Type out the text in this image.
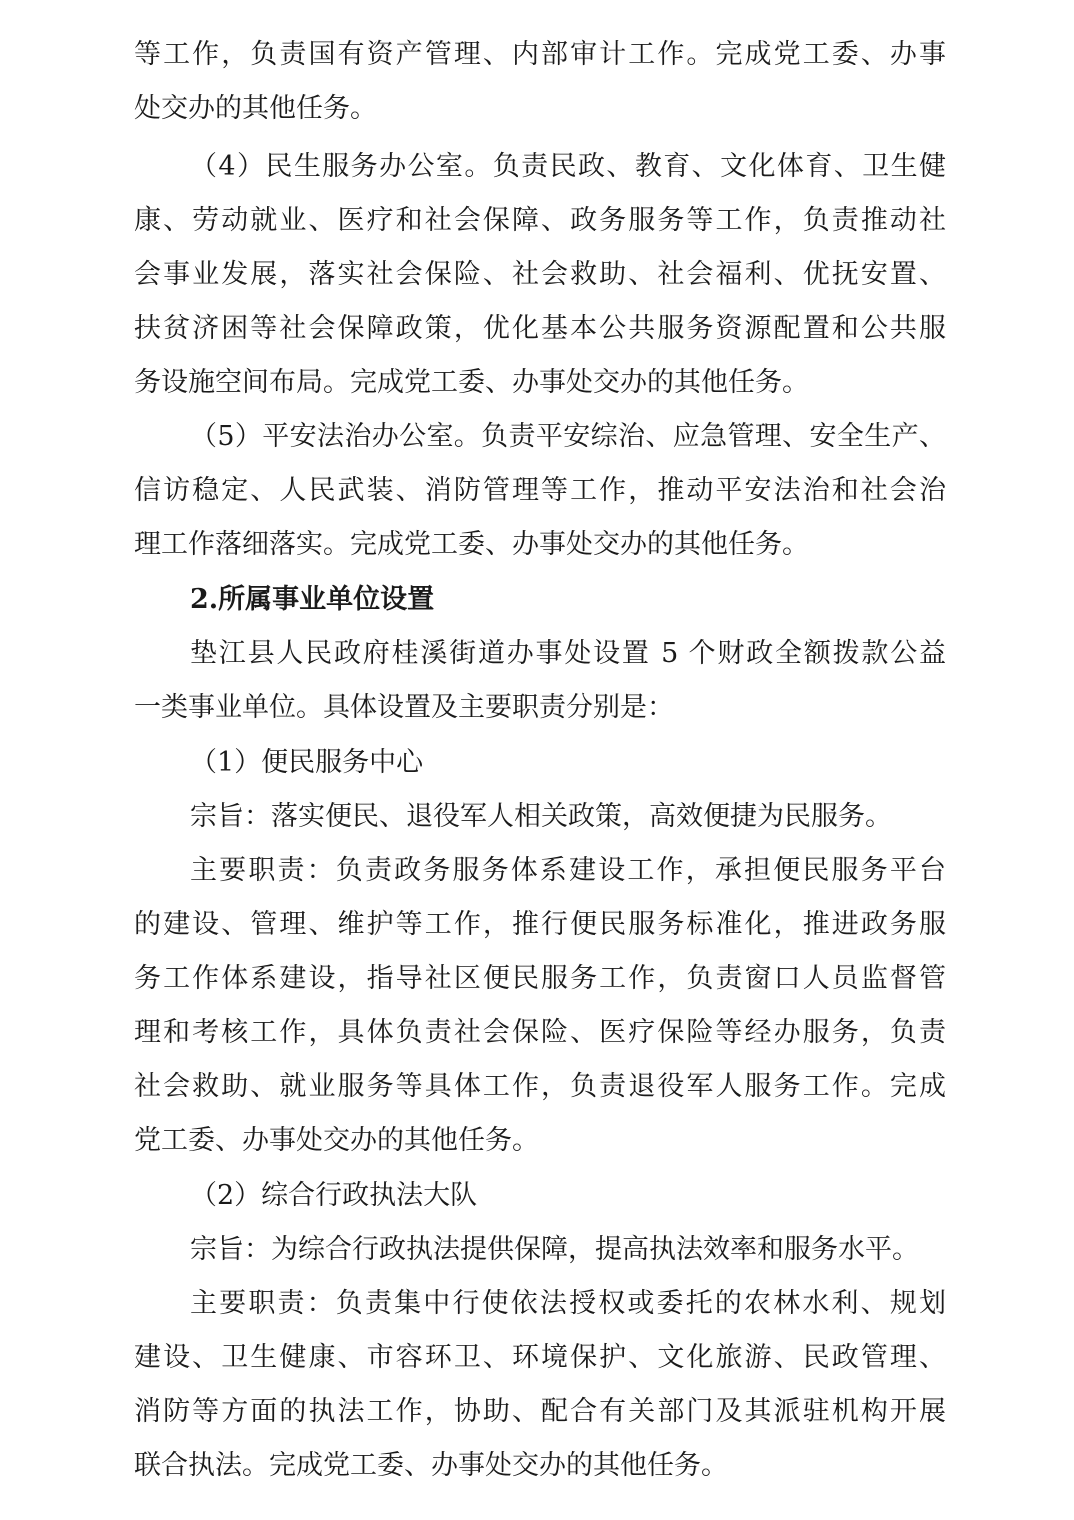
等工作，负责国有资产管理、内部审计工作。完成党工委、办事
处交办的其他任务。
（4）民生服务办公室。负责民政、教育、文化体育、卫生健
康、劳动就业、医疗和社会保障、政务服务等工作，负责推动社
会事业发展，落实社会保险、社会救助、社会福利、优抚安置、
扶贫济困等社会保障政策，优化基本公共服务资源配置和公共服
务设施空间布局。完成党工委、办事处交办的其他任务。
（5）平安法治办公室。负责平安综治、应急管理、安全生产、
信访稳定、人民武装、消防管理等工作，推动平安法治和社会治
理工作落细落实。完成党工委、办事处交办的其他任务。
2.所属事业单位设置
垫江县人民政府桂溪街道办事处设置 5 个财政全额拨款公益
一类事业单位。具体设置及主要职责分别是：
（1）便民服务中心
宗旨：落实便民、退役军人相关政策，高效便捷为民服务。
主要职责：负责政务服务体系建设工作，承担便民服务平台
的建设、管理、维护等工作，推行便民服务标准化，推进政务服
务工作体系建设，指导社区便民服务工作，负责窗口人员监督管
理和考核工作，具体负责社会保险、医疗保险等经办服务，负责
社会救助、就业服务等具体工作，负责退役军人服务工作。完成
党工委、办事处交办的其他任务。
（2）综合行政执法大队
宗旨：为综合行政执法提供保障，提高执法效率和服务水平。
主要职责：负责集中行使依法授权或委托的农林水利、规划
建设、卫生健康、市容环卫、环境保护、文化旅游、民政管理、
消防等方面的执法工作，协助、配合有关部门及其派驻机构开展
联合执法。完成党工委、办事处交办的其他任务。
